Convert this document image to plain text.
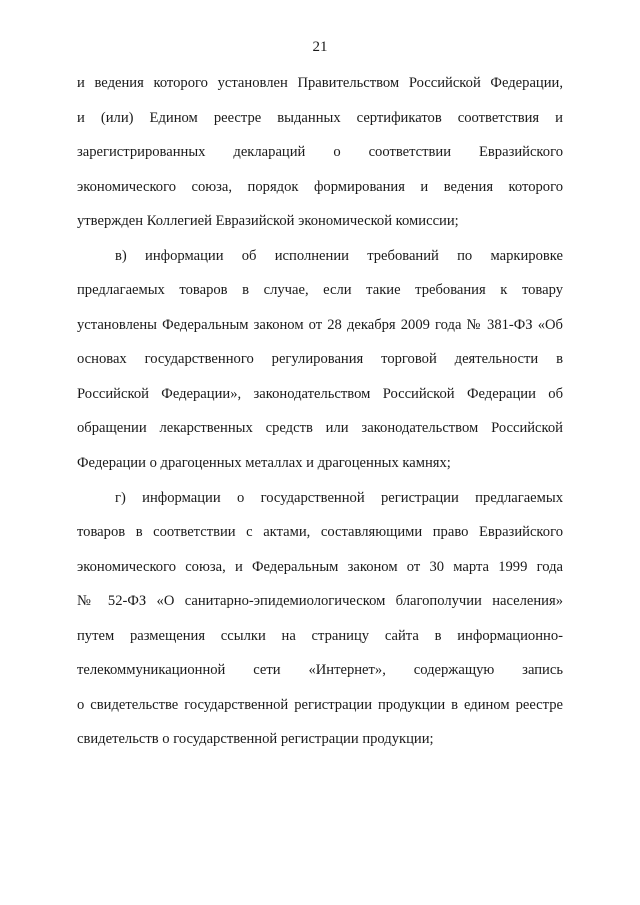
21
и ведения которого установлен Правительством Российской Федерации,
и (или) Едином реестре выданных сертификатов соответствия и
зарегистрированных деклараций о соответствии Евразийского
экономического союза, порядок формирования и ведения которого
утвержден Коллегией Евразийской экономической комиссии;
в) информации об исполнении требований по маркировке
предлагаемых товаров в случае, если такие требования к товару
установлены Федеральным законом от 28 декабря 2009 года № 381-ФЗ «Об
основах государственного регулирования торговой деятельности в
Российской Федерации», законодательством Российской Федерации об
обращении лекарственных средств или законодательством Российской
Федерации о драгоценных металлах и драгоценных камнях;
г) информации о государственной регистрации предлагаемых
товаров в соответствии с актами, составляющими право Евразийского
экономического союза, и Федеральным законом от 30 марта 1999 года
№ 52-ФЗ «О санитарно-эпидемиологическом благополучии населения»
путем размещения ссылки на страницу сайта в информационно-
телекоммуникационной сети «Интернет», содержащую запись
о свидетельстве государственной регистрации продукции в едином реестре
свидетельств о государственной регистрации продукции;
